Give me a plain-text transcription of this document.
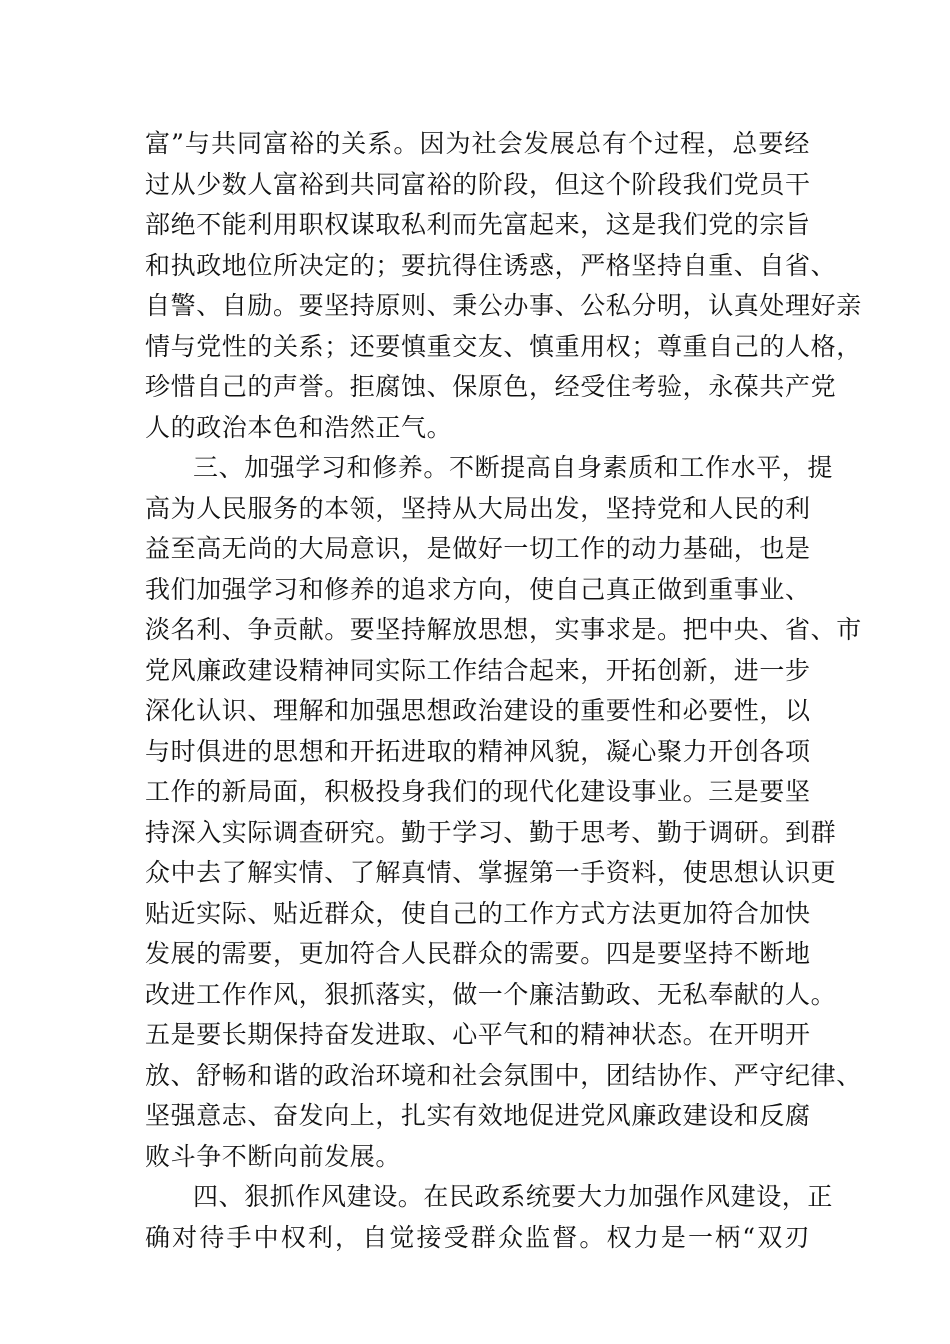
富”与共同富裕的关系。因为社会发展总有个过程，总要经
过从少数人富裕到共同富裕的阶段，但这个阶段我们党员干
部绝不能利用职权谋取私利而先富起来，这是我们党的宗旨
和执政地位所决定的；要抗得住诱惑，严格坚持自重、自省、
自警、自励。要坚持原则、秉公办事、公私分明，认真处理好亲
情与党性的关系；还要慎重交友、慎重用权；尊重自己的人格，
珍惜自己的声誉。拒腐蚀、保原色，经受住考验，永葆共产党
人的政治本色和浩然正气。
三、加强学习和修养。不断提高自身素质和工作水平，提
高为人民服务的本领，坚持从大局出发，坚持党和人民的利
益至高无尚的大局意识，是做好一切工作的动力基础，也是
我们加强学习和修养的追求方向，使自己真正做到重事业、
淡名利、争贡献。要坚持解放思想，实事求是。把中央、省、市
党风廉政建设精神同实际工作结合起来，开拓创新，进一步
深化认识、理解和加强思想政治建设的重要性和必要性，以
与时俱进的思想和开拓进取的精神风貌，凝心聚力开创各项
工作的新局面，积极投身我们的现代化建设事业。三是要坚
持深入实际调查研究。勤于学习、勤于思考、勤于调研。到群
众中去了解实情、了解真情、掌握第一手资料，使思想认识更
贴近实际、贴近群众，使自己的工作方式方法更加符合加快
发展的需要，更加符合人民群众的需要。四是要坚持不断地
改进工作作风，狠抓落实，做一个廉洁勤政、无私奉献的人。
五是要长期保持奋发进取、心平气和的精神状态。在开明开
放、舒畅和谐的政治环境和社会氛围中，团结协作、严守纪律、
坚强意志、奋发向上，扎实有效地促进党风廉政建设和反腐
败斗争不断向前发展。
四、狠抓作风建设。在民政系统要大力加强作风建设，正
确对待手中权利，自觉接受群众监督。权力是一柄“双刃
